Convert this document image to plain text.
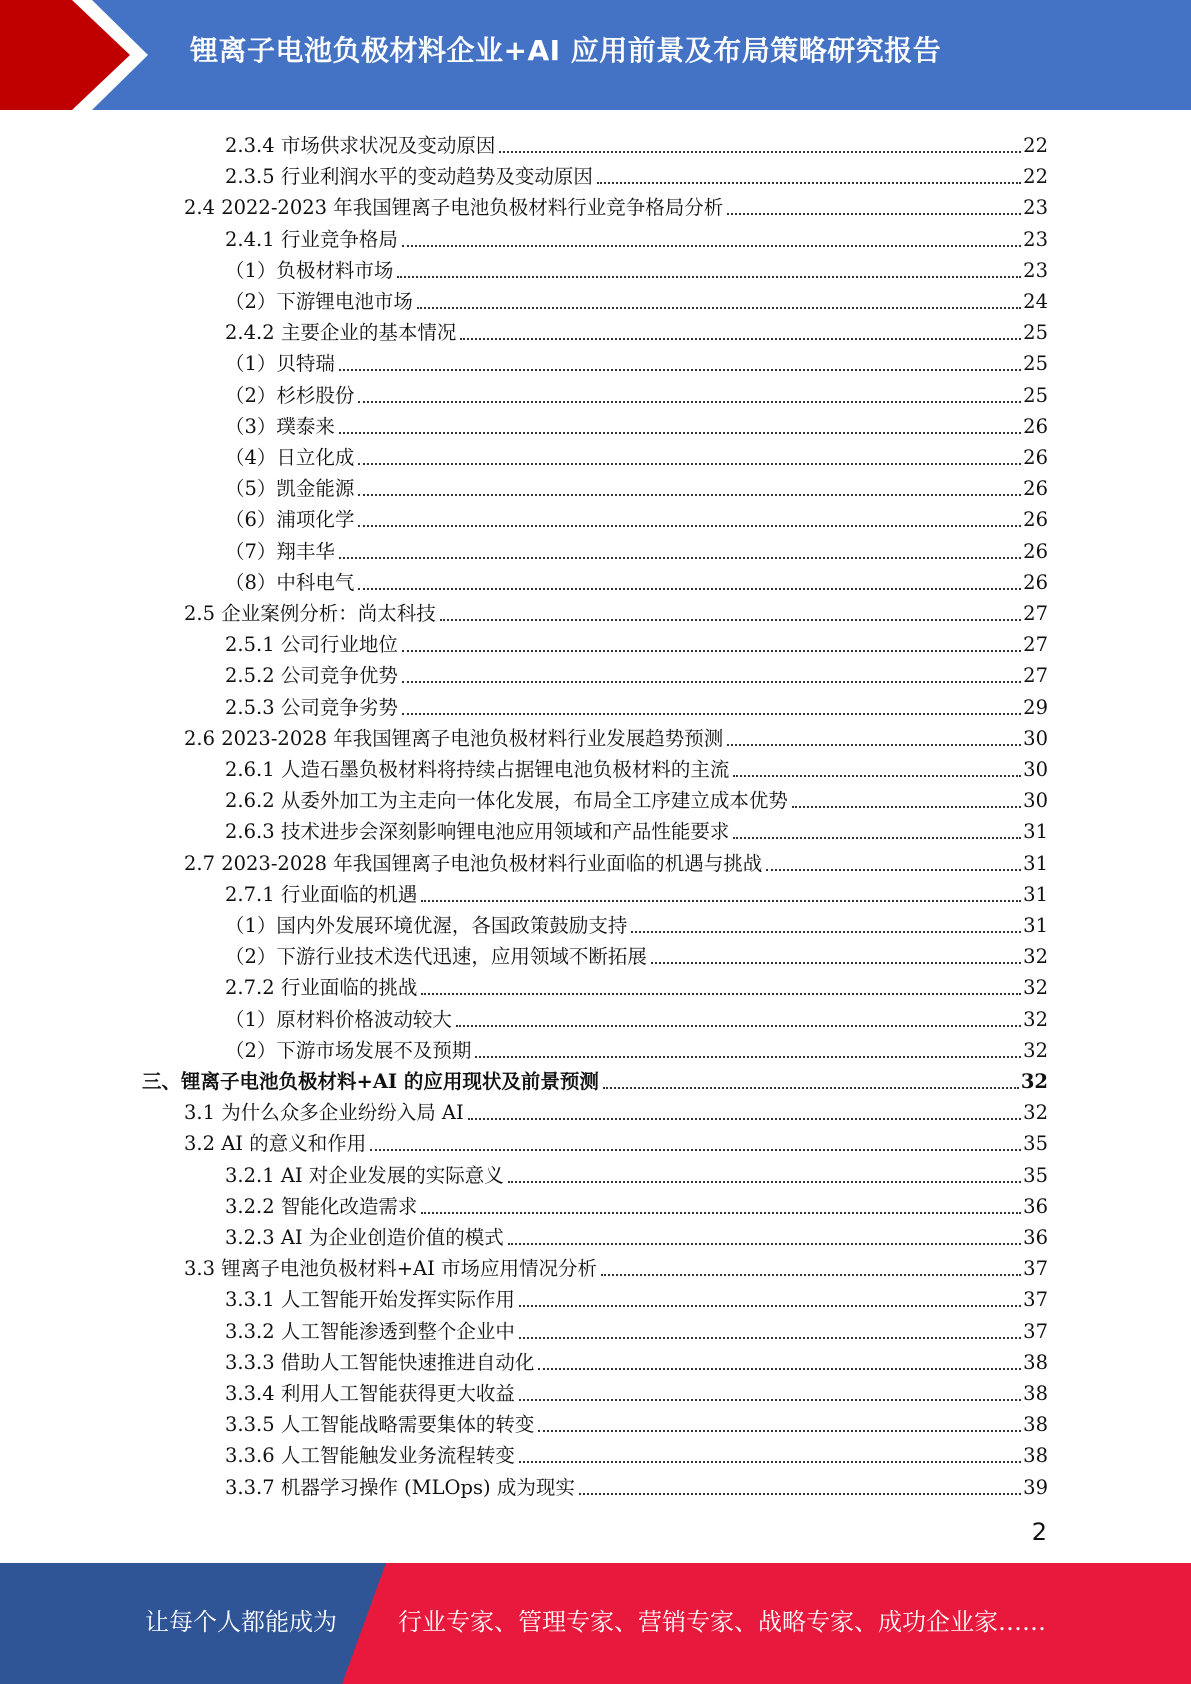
锂离子电池负极材料企业+AI 应用前景及布局策略研究报告
2.3.4 市场供求状况及变动原因	22
2.3.5 行业利润水平的变动趋势及变动原因	22
2.4 2022-2023 年我国锂离子电池负极材料行业竞争格局分析	23
2.4.1 行业竞争格局	23
（1）负极材料市场	23
（2）下游锂电池市场	24
2.4.2 主要企业的基本情况	25
（1）贝特瑞	25
（2）杉杉股份	25
（3）璞泰来	26
（4）日立化成	26
（5）凯金能源	26
（6）浦项化学	26
（7）翔丰华	26
（8）中科电气	26
2.5 企业案例分析：尚太科技	27
2.5.1 公司行业地位	27
2.5.2 公司竞争优势	27
2.5.3 公司竞争劣势	29
2.6 2023-2028 年我国锂离子电池负极材料行业发展趋势预测	30
2.6.1 人造石墨负极材料将持续占据锂电池负极材料的主流	30
2.6.2 从委外加工为主走向一体化发展，布局全工序建立成本优势	30
2.6.3 技术进步会深刻影响锂电池应用领域和产品性能要求	31
2.7 2023-2028 年我国锂离子电池负极材料行业面临的机遇与挑战	31
2.7.1 行业面临的机遇	31
（1）国内外发展环境优渥，各国政策鼓励支持	31
（2）下游行业技术迭代迅速，应用领域不断拓展	32
2.7.2 行业面临的挑战	32
（1）原材料价格波动较大	32
（2）下游市场发展不及预期	32
三、锂离子电池负极材料+AI 的应用现状及前景预测	32
3.1 为什么众多企业纷纷入局 AI	32
3.2 AI 的意义和作用	35
3.2.1 AI 对企业发展的实际意义	35
3.2.2 智能化改造需求	36
3.2.3 AI 为企业创造价值的模式	36
3.3 锂离子电池负极材料+AI 市场应用情况分析	37
3.3.1 人工智能开始发挥实际作用	37
3.3.2 人工智能渗透到整个企业中	37
3.3.3 借助人工智能快速推进自动化	38
3.3.4 利用人工智能获得更大收益	38
3.3.5 人工智能战略需要集体的转变	38
3.3.6 人工智能触发业务流程转变	38
3.3.7 机器学习操作 (MLOps) 成为现实	39
2
让每个人都能成为	行业专家、管理专家、营销专家、战略专家、成功企业家……
